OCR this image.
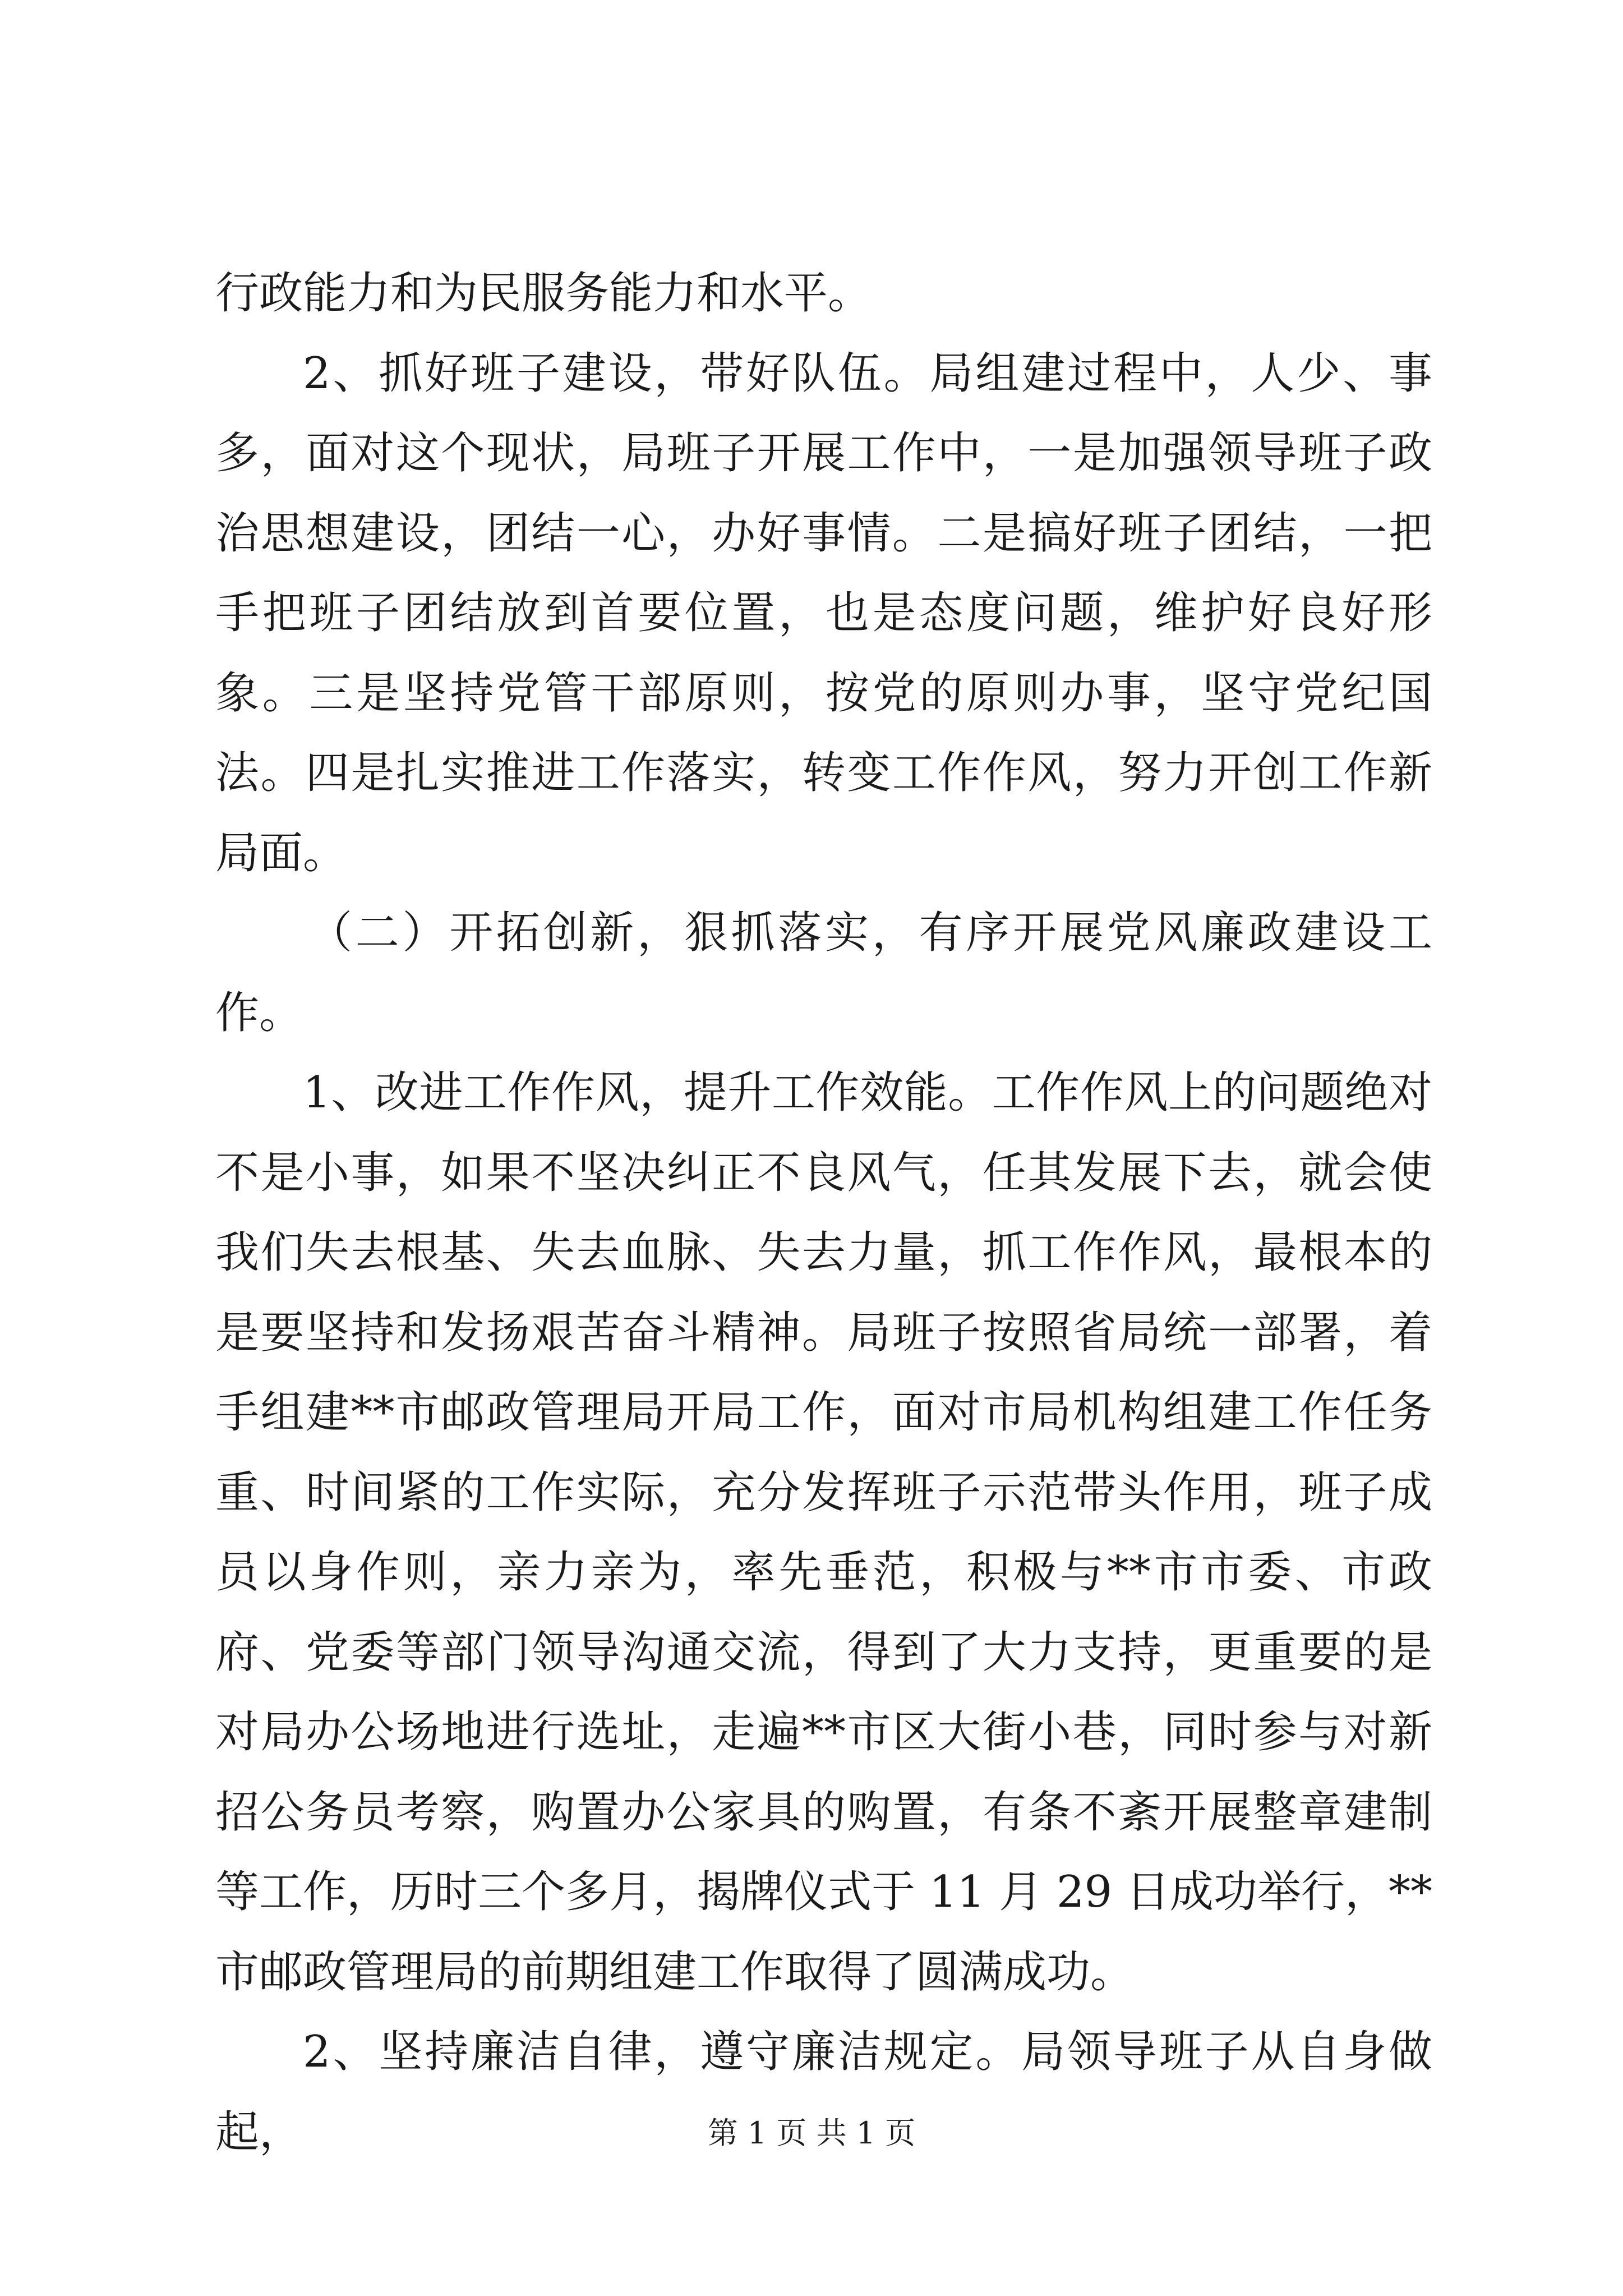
行政能力和为民服务能力和水平。

2、抓好班子建设，带好队伍。局组建过程中，人少、事多，面对这个现状，局班子开展工作中，一是加强领导班子政治思想建设，团结一心，办好事情。二是搞好班子团结，一把手把班子团结放到首要位置，也是态度问题，维护好良好形象。三是坚持党管干部原则，按党的原则办事，坚守党纪国法。四是扎实推进工作落实，转变工作作风，努力开创工作新局面。

（二）开拓创新，狠抓落实，有序开展党风廉政建设工作。

1、改进工作作风，提升工作效能。工作作风上的问题绝对不是小事，如果不坚决纠正不良风气，任其发展下去，就会使我们失去根基、失去血脉、失去力量，抓工作作风，最根本的是要坚持和发扬艰苦奋斗精神。局班子按照省局统一部署，着手组建**市邮政管理局开局工作，面对市局机构组建工作任务重、时间紧的工作实际，充分发挥班子示范带头作用，班子成员以身作则，亲力亲为，率先垂范，积极与**市市委、市政府、党委等部门领导沟通交流，得到了大力支持，更重要的是对局办公场地进行选址，走遍**市区大街小巷，同时参与对新招公务员考察，购置办公家具的购置，有条不紊开展整章建制等工作，历时三个多月，揭牌仪式于 11 月 29 日成功举行，**市邮政管理局的前期组建工作取得了圆满成功。

2、坚持廉洁自律，遵守廉洁规定。局领导班子从自身做起，	第 1 页 共 1 页
